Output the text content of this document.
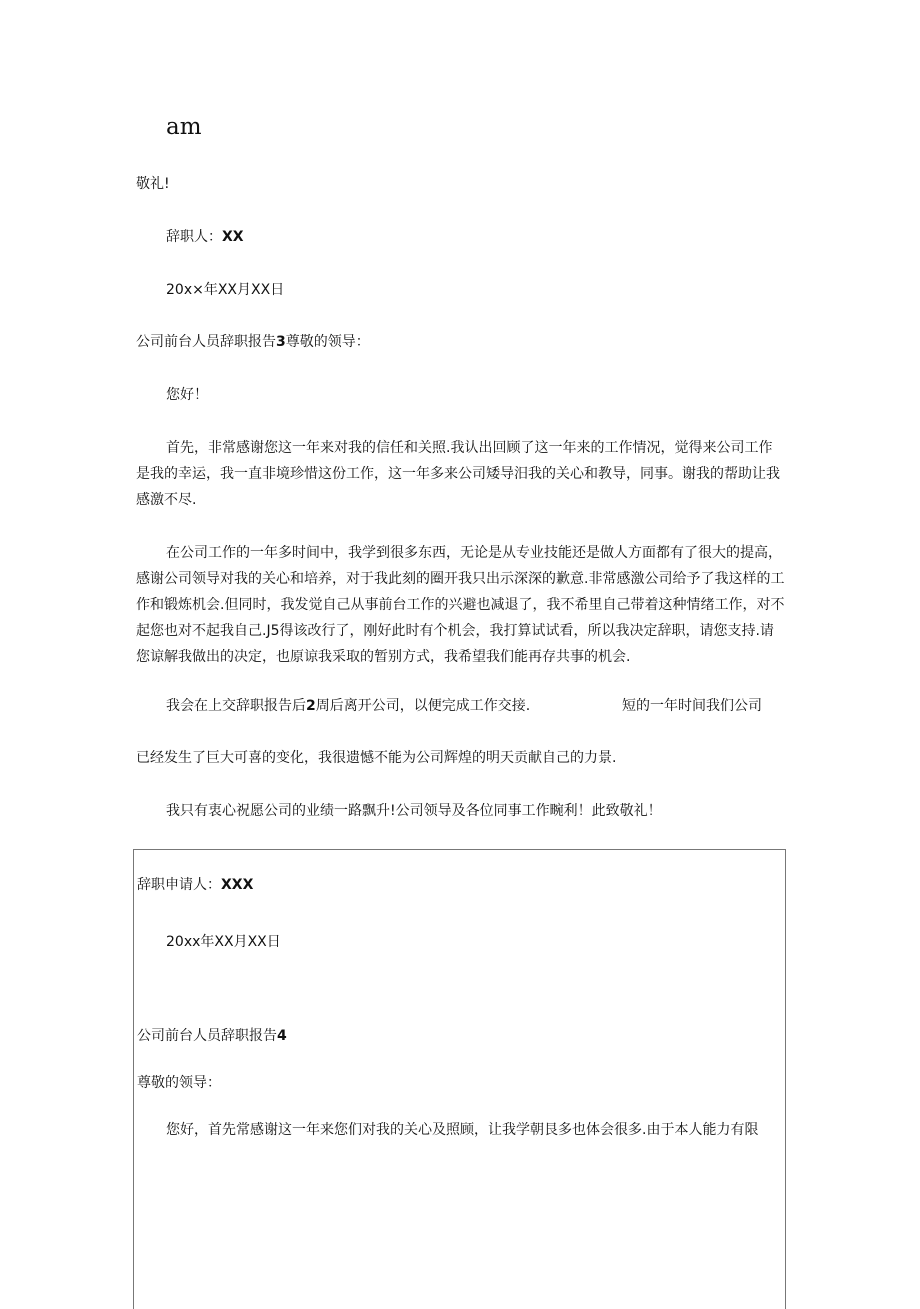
am
敬礼!
辞职人：XX
20x×年XX月XX日
公司前台人员辞职报告3尊敬的领导：
您好！
首先，非常感谢您这一年来对我的信任和关照.我认出回顾了这一年来的工作情况，觉得来公司工作是我的幸运，我一直非境珍惜这份工作，这一年多来公司矮导汨我的关心和教导，同事。谢我的帮助让我感激不尽.
在公司工作的一年多时间中，我学到很多东西，无论是从专业技能还是做人方面都有了很大的提高，感谢公司领导对我的关心和培养，对于我此刻的圈开我只出示深深的歉意.非常感激公司给予了我这样的工作和锻炼机会.但同时，我发觉自己从事前台工作的兴避也减退了，我不希里自己带着这种情绪工作，对不起您也对不起我自己.J5得该改行了，刚好此时有个机会，我打算试试看，所以我决定辞职，请您支持.请您谅解我做出的决定，也原谅我采取的暂别方式，我希望我们能再存共事的机会.
我会在上交辞职报告后2周后离开公司，以便完成工作交接.	短的一年时间我们公司
已经发生了巨大可喜的变化，我很遗憾不能为公司辉煌的明天贡献自己的力景.
我只有衷心祝愿公司的业绩一路飘升!公司领导及各位同事工作畹利！此致敬礼！
辞职申请人：XXX
20xx年XX月XX日
公司前台人员辞职报告4
尊敬的领导：
您好，首先常感谢这一年来您们对我的关心及照顾，让我学朝艮多也体会很多.由于本人能力有限
